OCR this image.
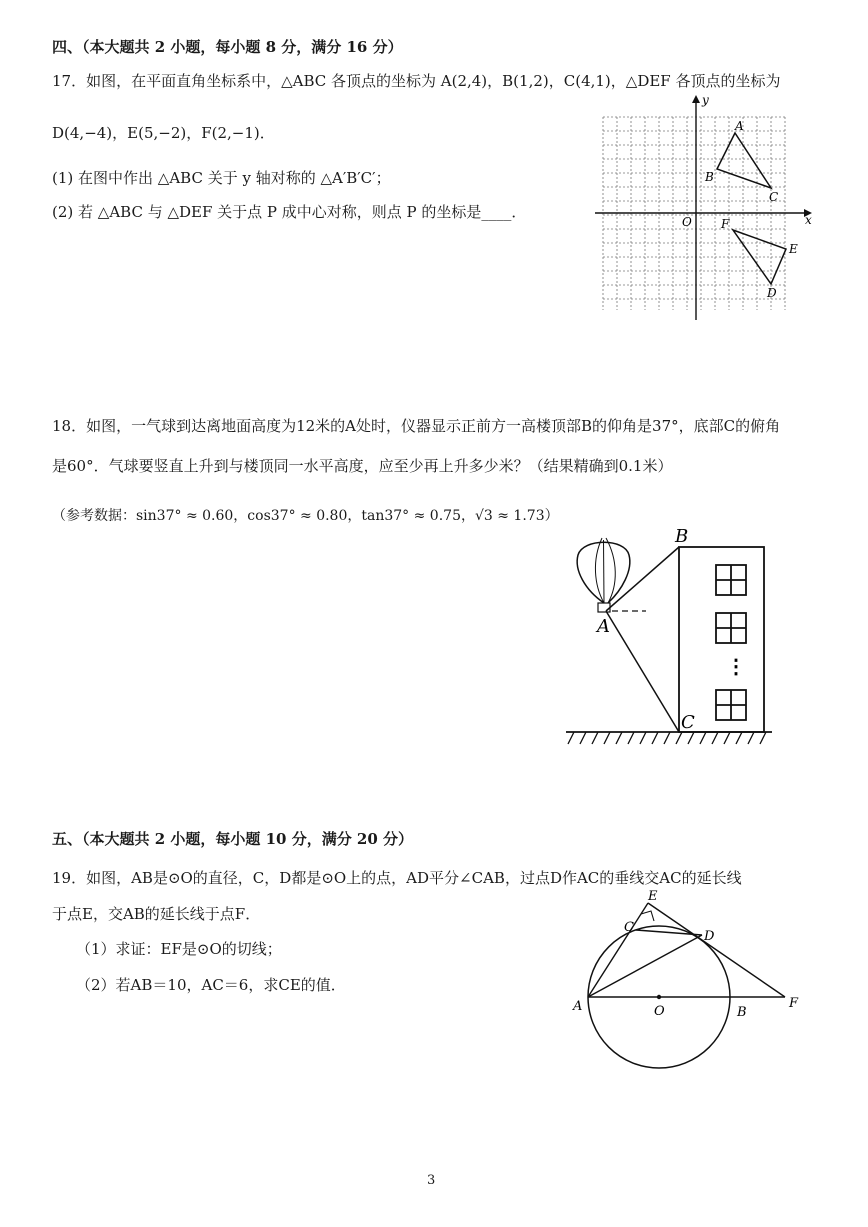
四、（本大题共 2 小题，每小题 8 分，满分 16 分）
17．如图，在平面直角坐标系中，△ABC 各顶点的坐标为 A(2,4)，B(1,2)，C(4,1)，△DEF 各顶点的坐标为
D(4,−4)，E(5,−2)，F(2,−1)．
(1) 在图中作出 △ABC 关于 y 轴对称的 △A′B′C′；
(2) 若 △ABC 与 △DEF 关于点 P 成中心对称，则点 P 的坐标是____．	x
y
O
A
B
C
F
E
D
18．如图，一气球到达离地面高度为12米的A处时，仪器显示正前方一高楼顶部B的仰角是37°，底部C的俯角
是60°．气球要竖直上升到与楼顶同一水平高度，应至少再上升多少米？（结果精确到0.1米）
（参考数据：sin37° ≈ 0.60，cos37° ≈ 0.80，tan37° ≈ 0.75，√3 ≈ 1.73）
⋮
B
A
C
五、（本大题共 2 小题，每小题 10 分，满分 20 分）
19．如图，AB是⊙O的直径，C，D都是⊙O上的点，AD平分∠CAB，过点D作AC的垂线交AC的延长线
于点E，交AB的延长线于点F．
（1）求证：EF是⊙O的切线；
（2）若AB＝10，AC＝6，求CE的值．
E
C
D
A	O	B
F
3
